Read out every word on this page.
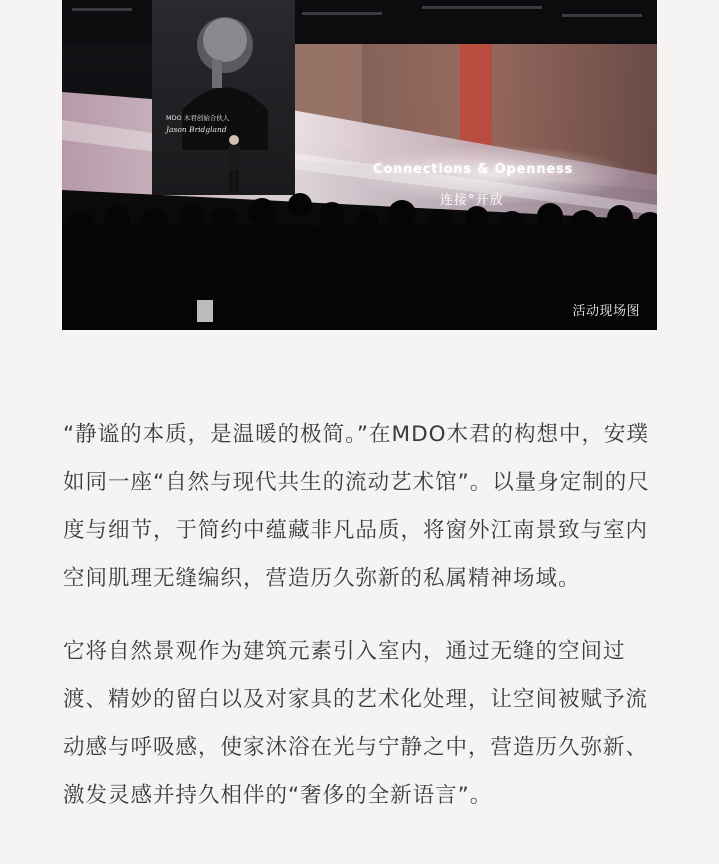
MDO 木君创始合伙人
Jason Bridgland
Connections & Openness
连接°开放
活动现场图

“静谧的本质，是温暖的极简。”在MDO木君的构想中，安璞如同一座“自然与现代共生的流动艺术馆”。以量身定制的尺度与细节，于简约中蕴藏非凡品质，将窗外江南景致与室内空间肌理无缝编织，营造历久弥新的私属精神场域。

它将自然景观作为建筑元素引入室内，通过无缝的空间过渡、精妙的留白以及对家具的艺术化处理，让空间被赋予流动感与呼吸感，使家沐浴在光与宁静之中，营造历久弥新、激发灵感并持久相伴的“奢侈的全新语言”。
